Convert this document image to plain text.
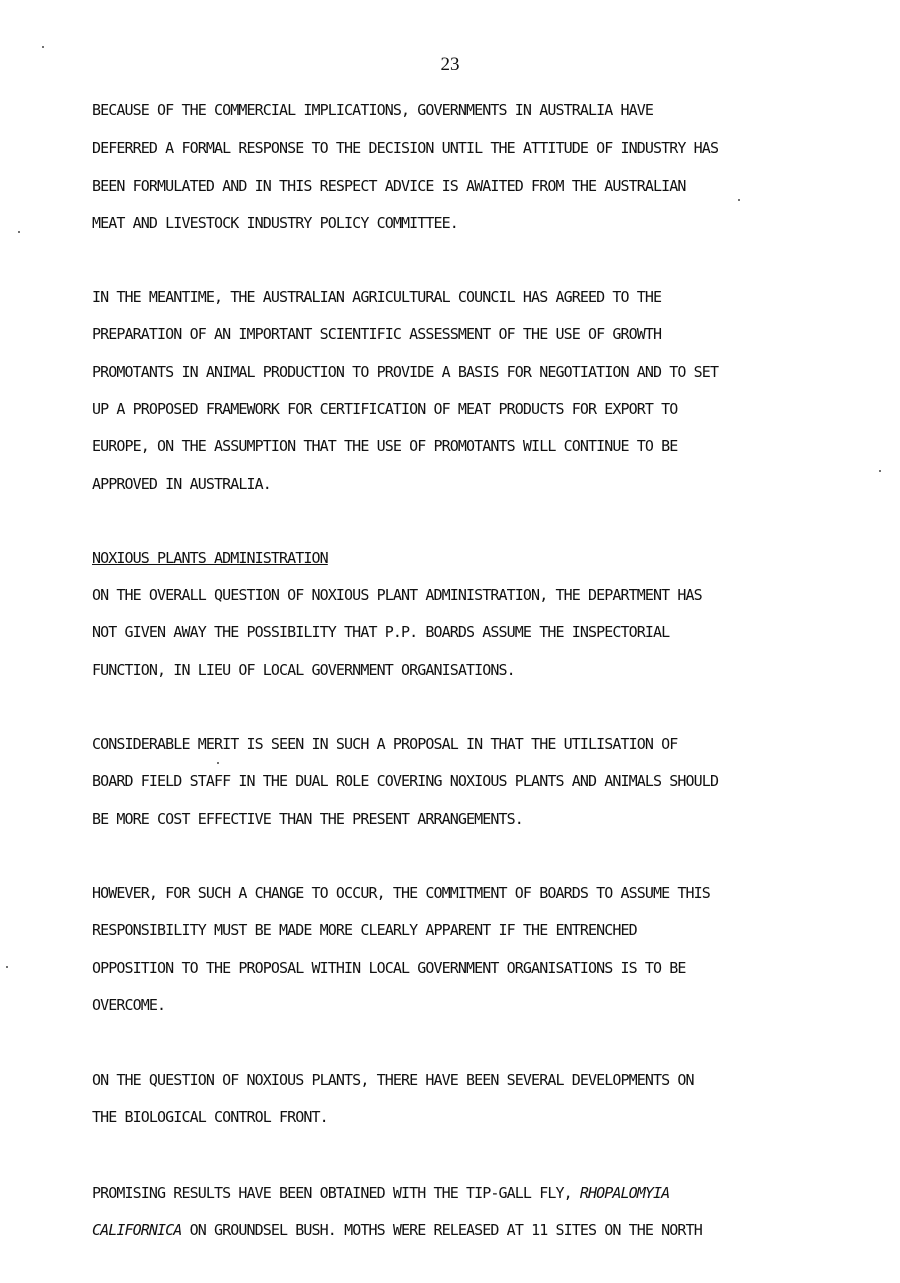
23
BECAUSE OF THE COMMERCIAL IMPLICATIONS, GOVERNMENTS IN AUSTRALIA HAVE
DEFERRED A FORMAL RESPONSE TO THE DECISION UNTIL THE ATTITUDE OF INDUSTRY HAS
BEEN FORMULATED AND IN THIS RESPECT ADVICE IS AWAITED FROM THE AUSTRALIAN
MEAT AND LIVESTOCK INDUSTRY POLICY COMMITTEE.
IN THE MEANTIME, THE AUSTRALIAN AGRICULTURAL COUNCIL HAS AGREED TO THE
PREPARATION OF AN IMPORTANT SCIENTIFIC ASSESSMENT OF THE USE OF GROWTH
PROMOTANTS IN ANIMAL PRODUCTION TO PROVIDE A BASIS FOR NEGOTIATION AND TO SET
UP A PROPOSED FRAMEWORK FOR CERTIFICATION OF MEAT PRODUCTS FOR EXPORT TO
EUROPE, ON THE ASSUMPTION THAT THE USE OF PROMOTANTS WILL CONTINUE TO BE
APPROVED IN AUSTRALIA.
NOXIOUS PLANTS ADMINISTRATION
ON THE OVERALL QUESTION OF NOXIOUS PLANT ADMINISTRATION, THE DEPARTMENT HAS
NOT GIVEN AWAY THE POSSIBILITY THAT P.P. BOARDS ASSUME THE INSPECTORIAL
FUNCTION, IN LIEU OF LOCAL GOVERNMENT ORGANISATIONS.
CONSIDERABLE MERIT IS SEEN IN SUCH A PROPOSAL IN THAT THE UTILISATION OF
BOARD FIELD STAFF IN THE DUAL ROLE COVERING NOXIOUS PLANTS AND ANIMALS SHOULD
BE MORE COST EFFECTIVE THAN THE PRESENT ARRANGEMENTS.
HOWEVER, FOR SUCH A CHANGE TO OCCUR, THE COMMITMENT OF BOARDS TO ASSUME THIS
RESPONSIBILITY MUST BE MADE MORE CLEARLY APPARENT IF THE ENTRENCHED
OPPOSITION TO THE PROPOSAL WITHIN LOCAL GOVERNMENT ORGANISATIONS IS TO BE
OVERCOME.
ON THE QUESTION OF NOXIOUS PLANTS, THERE HAVE BEEN SEVERAL DEVELOPMENTS ON
THE BIOLOGICAL CONTROL FRONT.
PROMISING RESULTS HAVE BEEN OBTAINED WITH THE TIP-GALL FLY, RHOPALOMYIA
CALIFORNICA ON GROUNDSEL BUSH. MOTHS WERE RELEASED AT 11 SITES ON THE NORTH
